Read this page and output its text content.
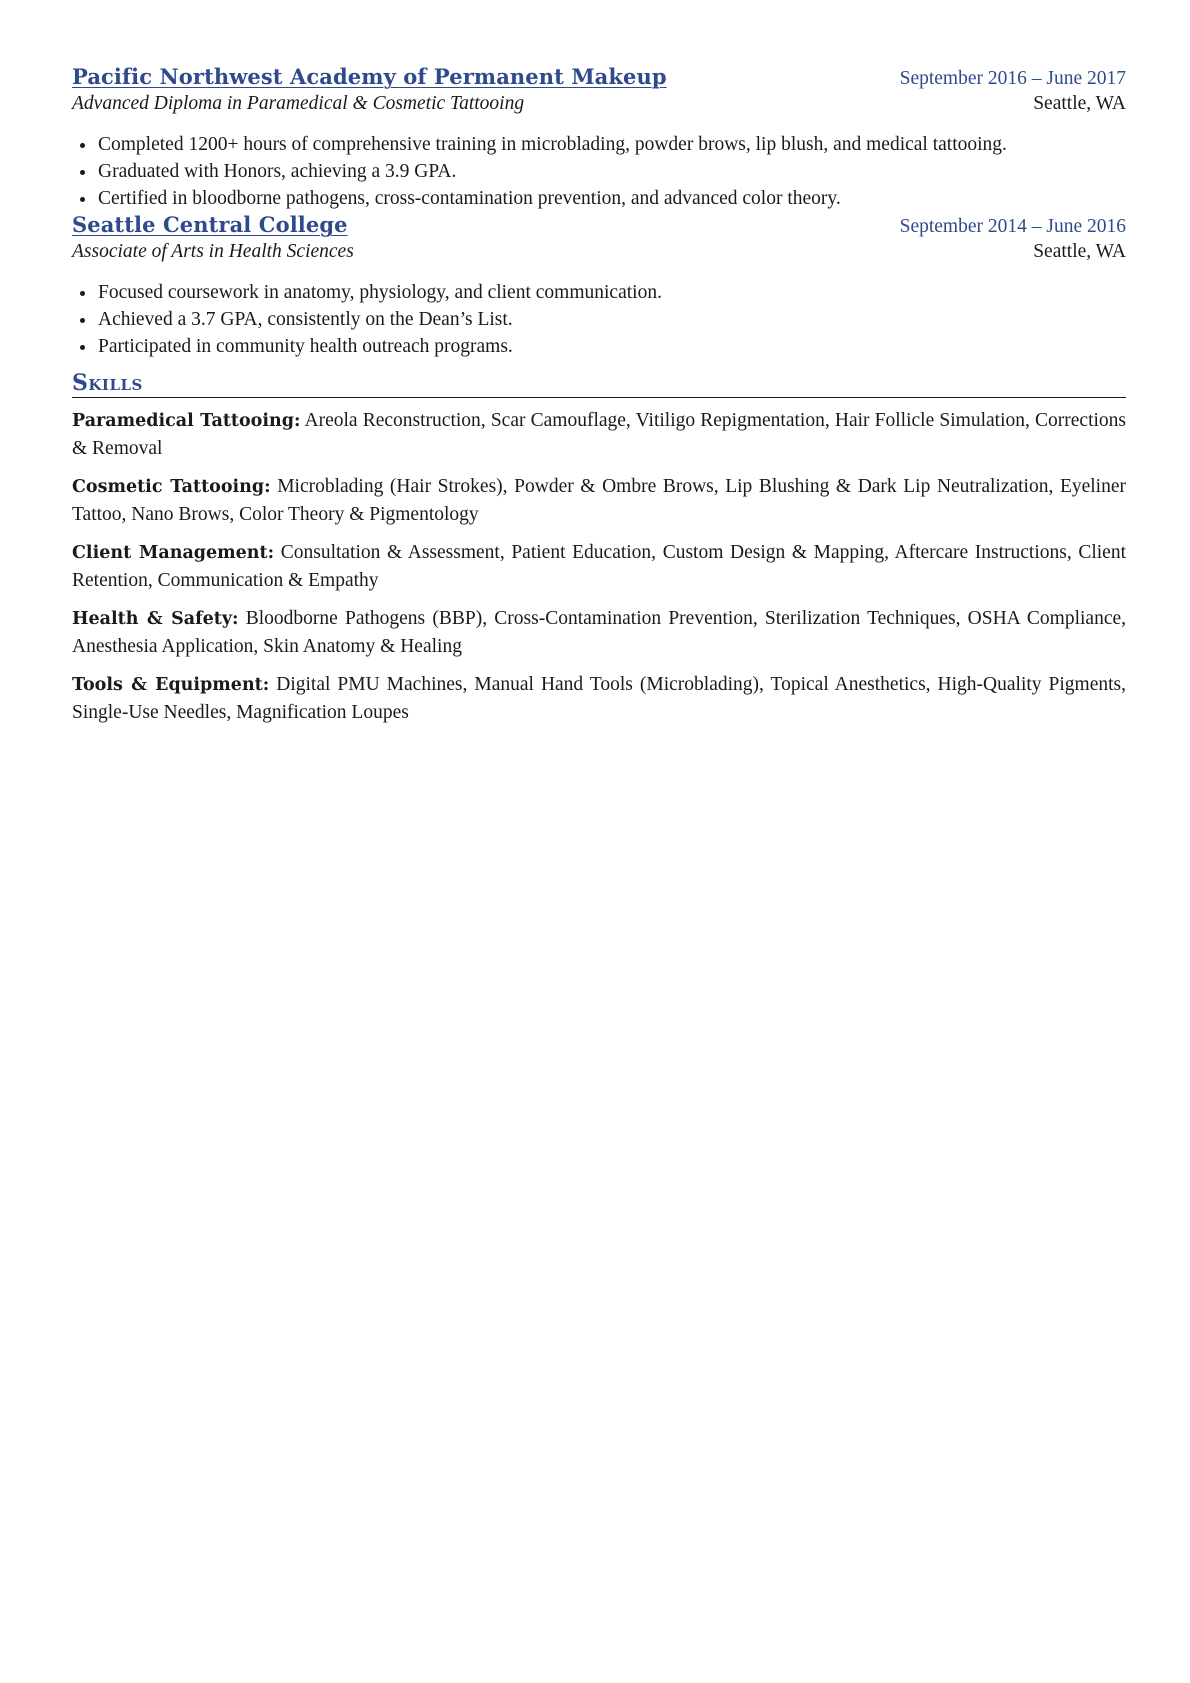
Pacific Northwest Academy of Permanent Makeup	September 2016 – June 2017
Advanced Diploma in Paramedical & Cosmetic Tattooing	Seattle, WA
Completed 1200+ hours of comprehensive training in microblading, powder brows, lip blush, and medical tattooing.
Graduated with Honors, achieving a 3.9 GPA.
Certified in bloodborne pathogens, cross-contamination prevention, and advanced color theory.
Seattle Central College	September 2014 – June 2016
Associate of Arts in Health Sciences	Seattle, WA
Focused coursework in anatomy, physiology, and client communication.
Achieved a 3.7 GPA, consistently on the Dean’s List.
Participated in community health outreach programs.
Skills
Paramedical Tattooing: Areola Reconstruction, Scar Camouflage, Vitiligo Repigmentation, Hair Follicle Simulation, Corrections & Removal
Cosmetic Tattooing: Microblading (Hair Strokes), Powder & Ombre Brows, Lip Blushing & Dark Lip Neutralization, Eyeliner Tattoo, Nano Brows, Color Theory & Pigmentology
Client Management: Consultation & Assessment, Patient Education, Custom Design & Mapping, Aftercare Instructions, Client Retention, Communication & Empathy
Health & Safety: Bloodborne Pathogens (BBP), Cross-Contamination Prevention, Sterilization Techniques, OSHA Compliance, Anesthesia Application, Skin Anatomy & Healing
Tools & Equipment: Digital PMU Machines, Manual Hand Tools (Microblading), Topical Anesthetics, High-Quality Pigments, Single-Use Needles, Magnification Loupes
